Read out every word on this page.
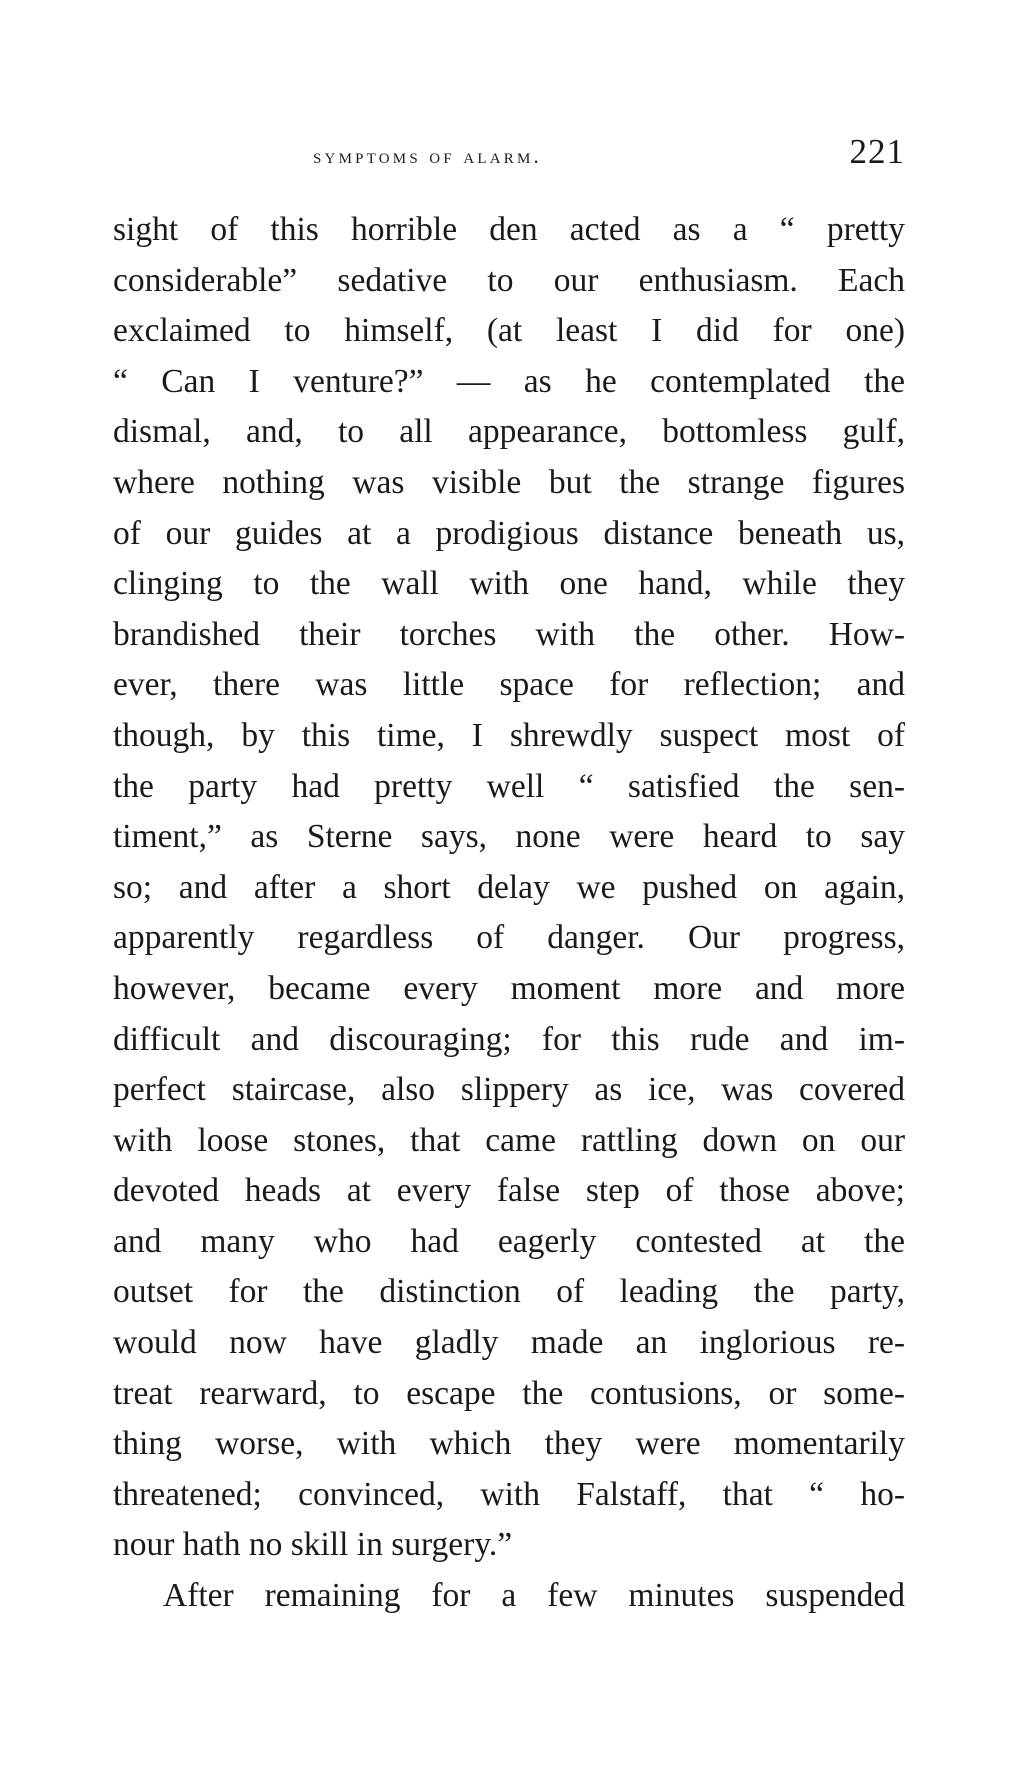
symptoms of alarm.	221
sight of this horrible den acted as a “ pretty
considerable” sedative to our enthusiasm. Each
exclaimed to himself, (at least I did for one)
“ Can I venture?” — as he contemplated the
dismal, and, to all appearance, bottomless gulf,
where nothing was visible but the strange figures
of our guides at a prodigious distance beneath us,
clinging to the wall with one hand, while they
brandished their torches with the other. How-
ever, there was little space for reflection; and
though, by this time, I shrewdly suspect most of
the party had pretty well “ satisfied the sen-
timent,” as Sterne says, none were heard to say
so; and after a short delay we pushed on again,
apparently regardless of danger. Our progress,
however, became every moment more and more
difficult and discouraging; for this rude and im-
perfect staircase, also slippery as ice, was covered
with loose stones, that came rattling down on our
devoted heads at every false step of those above;
and many who had eagerly contested at the
outset for the distinction of leading the party,
would now have gladly made an inglorious re-
treat rearward, to escape the contusions, or some-
thing worse, with which they were momentarily
threatened; convinced, with Falstaff, that “ ho-
nour hath no skill in surgery.”
After remaining for a few minutes suspended
